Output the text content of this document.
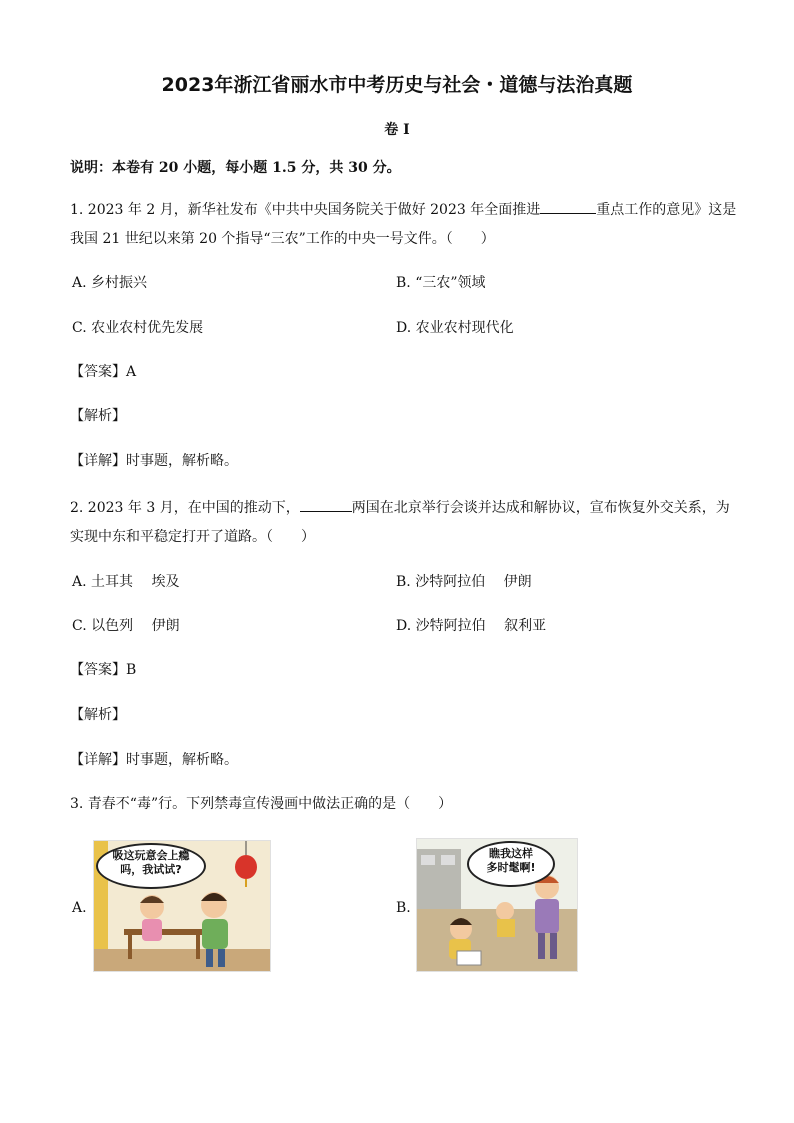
2023年浙江省丽水市中考历史与社会・道德与法治真题
卷 I
说明：本卷有 20 小题，每小题 1.5 分，共 30 分。
1. 2023 年 2 月，新华社发布《中共中央国务院关于做好 2023 年全面推进	重点工作的意见》这是
我国 21 世纪以来第 20 个指导“三农”工作的中央一号文件。（　　）
A. 乡村振兴	B. “三农”领域
C. 农业农村优先发展	D. 农业农村现代化
【答案】A
【解析】
【详解】时事题，解析略。
2. 2023 年 3 月，在中国的推动下，	两国在北京举行会谈并达成和解协议，宣布恢复外交关系，为
实现中东和平稳定打开了道路。（　　）
A. 土耳其　 埃及	B. 沙特阿拉伯　 伊朗
C. 以色列　 伊朗	D. 沙特阿拉伯　 叙利亚
【答案】B
【解析】
【详解】时事题，解析略。
3. 青春不“毒”行。下列禁毒宣传漫画中做法正确的是（　　）
A.
吸这玩意会上瘾
吗，我试试?
B.
瞧我这样
多时髦啊!
